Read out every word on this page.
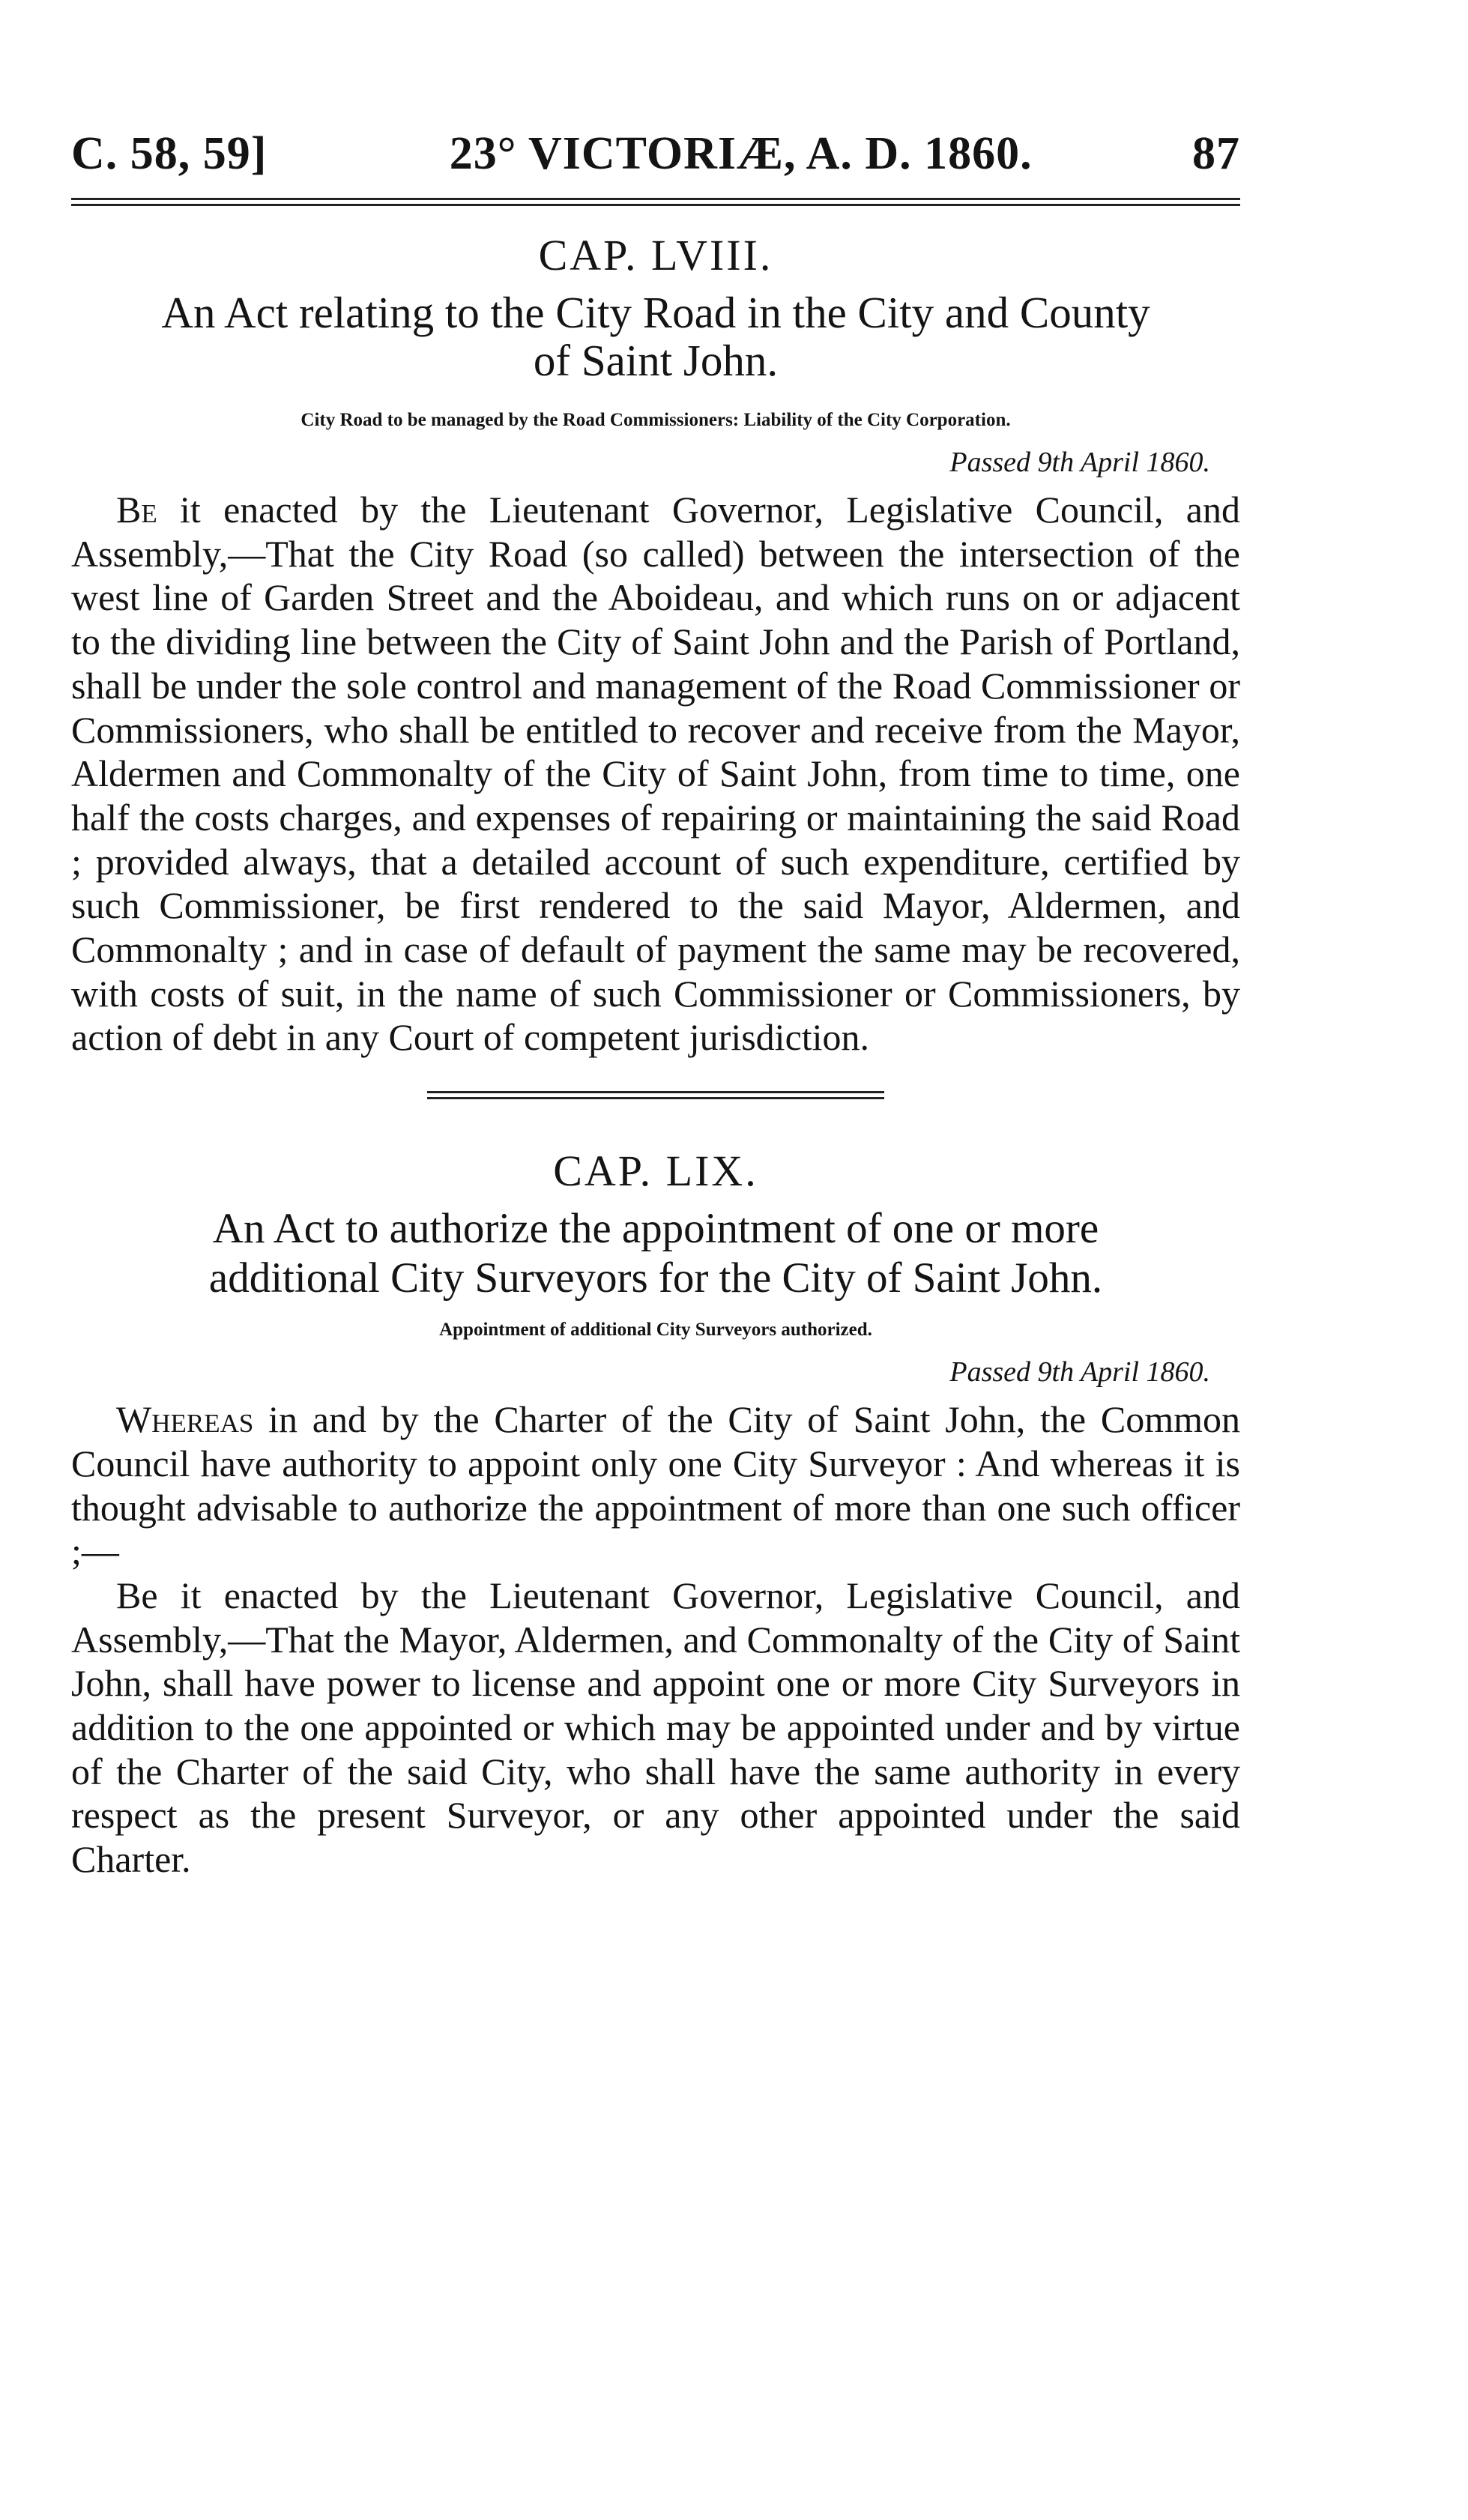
C. 58, 59]	23° VICTORIÆ, A. D. 1860.	87
CAP. LVIII.
An Act relating to the City Road in the City and County
of Saint John.
City Road to be managed by the Road Commissioners: Liability of the City Corporation.
Passed 9th April 1860.

Be it enacted by the Lieutenant Governor, Legislative Council, and Assembly,—That the City Road (so called) between the intersection of the west line of Garden Street and the Aboideau, and which runs on or adjacent to the dividing line between the City of Saint John and the Parish of Portland, shall be under the sole control and management of the Road Commissioner or Commissioners, who shall be entitled to recover and receive from the Mayor, Aldermen and Commonalty of the City of Saint John, from time to time, one half the costs charges, and expenses of repairing or maintaining the said Road ; provided always, that a detailed account of such expenditure, certified by such Commissioner, be first rendered to the said Mayor, Aldermen, and Commonalty ; and in case of default of payment the same may be recovered, with costs of suit, in the name of such Commissioner or Commissioners, by action of debt in any Court of competent jurisdiction.

CAP. LIX.
An Act to authorize the appointment of one or more
additional City Surveyors for the City of Saint John.
Appointment of additional City Surveyors authorized.
Passed 9th April 1860.

Whereas in and by the Charter of the City of Saint John, the Common Council have authority to appoint only one City Surveyor : And whereas it is thought advisable to authorize the appointment of more than one such officer ;—

Be it enacted by the Lieutenant Governor, Legislative Council, and Assembly,—That the Mayor, Aldermen, and Commonalty of the City of Saint John, shall have power to license and appoint one or more City Surveyors in addition to the one appointed or which may be appointed under and by virtue of the Charter of the said City, who shall have the same authority in every respect as the present Surveyor, or any other appointed under the said Charter.
